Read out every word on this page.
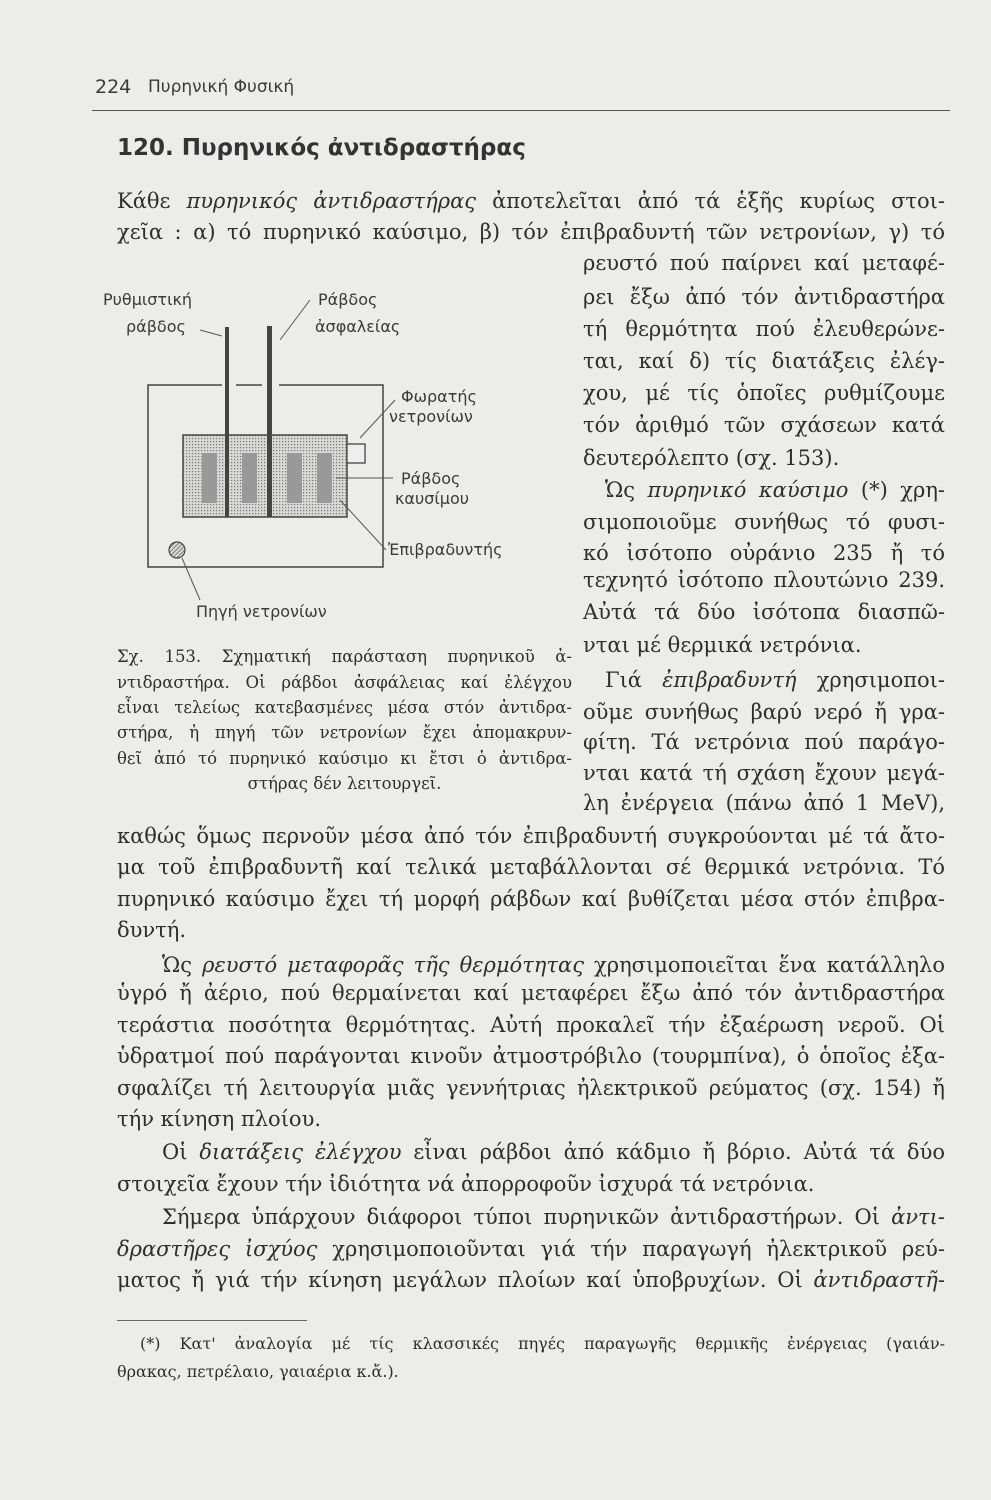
224 Πυρηνική Φυσική
120. Πυρηνικός ἀντιδραστήρας
Ρυθμιστική
ράβδος
Ράβδος
ἀσφαλείας
Φωρατής
νετρονίων
Ράβδος
καυσίμου
Ἐπιβραδυντής
Πηγή νετρονίων
Κάθε πυρηνικός ἀντιδραστήρας ἀποτελεῖται ἀπό τά ἑξῆς κυρίως στοι-
χεῖα : α) τό πυρηνικό καύσιμο, β) τόν ἐπιβραδυντή τῶν νετρονίων, γ) τό
ρευστό πού παίρνει καί μεταφέ-
ρει ἔξω ἀπό τόν ἀντιδραστήρα
τή θερμότητα πού ἐλευθερώνε-
ται, καί δ) τίς διατάξεις ἐλέγ-
χου, μέ τίς ὁποῖες ρυθμίζουμε
τόν ἀριθμό τῶν σχάσεων κατά
δευτερόλεπτο (σχ. 153).
Ὡς πυρηνικό καύσιμο (*) χρη-
σιμοποιοῦμε συνήθως τό φυσι-
κό ἰσότοπο οὐράνιο 235 ἤ τό
τεχνητό ἰσότοπο πλουτώνιο 239.
Αὐτά τά δύο ἰσότοπα διασπῶ-
νται μέ θερμικά νετρόνια.
Γιά ἐπιβραδυντή χρησιμοποι-
οῦμε συνήθως βαρύ νερό ἤ γρα-
φίτη. Τά νετρόνια πού παράγο-
νται κατά τή σχάση ἔχουν μεγά-
λη ἐνέργεια (πάνω ἀπό 1 MeV),
καθώς ὅμως περνοῦν μέσα ἀπό τόν ἐπιβραδυντή συγκρούονται μέ τά ἄτο-
μα τοῦ ἐπιβραδυντῆ καί τελικά μεταβάλλονται σέ θερμικά νετρόνια. Τό
πυρηνικό καύσιμο ἔχει τή μορφή ράβδων καί βυθίζεται μέσα στόν ἐπιβρα-
δυντή.
Ὡς ρευστό μεταφορᾶς τῆς θερμότητας χρησιμοποιεῖται ἕνα κατάλληλο
ὑγρό ἤ ἀέριο, πού θερμαίνεται καί μεταφέρει ἔξω ἀπό τόν ἀντιδραστήρα
τεράστια ποσότητα θερμότητας. Αὐτή προκαλεῖ τήν ἐξαέρωση νεροῦ. Οἱ
ὑδρατμοί πού παράγονται κινοῦν ἀτμοστρόβιλο (τουρμπίνα), ὁ ὁποῖος ἐξα-
σφαλίζει τή λειτουργία μιᾶς γεννήτριας ἠλεκτρικοῦ ρεύματος (σχ. 154) ἤ
τήν κίνηση πλοίου.
Οἱ διατάξεις ἐλέγχου εἶναι ράβδοι ἀπό κάδμιο ἤ βόριο. Αὐτά τά δύο
στοιχεῖα ἔχουν τήν ἰδιότητα νά ἀπορροφοῦν ἰσχυρά τά νετρόνια.
Σήμερα ὑπάρχουν διάφοροι τύποι πυρηνικῶν ἀντιδραστήρων. Οἱ ἀντι-
δραστῆρες ἰσχύος χρησιμοποιοῦνται γιά τήν παραγωγή ἠλεκτρικοῦ ρεύ-
ματος ἤ γιά τήν κίνηση μεγάλων πλοίων καί ὑποβρυχίων. Οἱ ἀντιδραστῆ-
Σχ. 153. Σχηματική παράσταση πυρηνικοῦ ἀ-
ντιδραστήρα. Οἱ ράβδοι ἀσφάλειας καί ἐλέγχου
εἶναι τελείως κατεβασμένες μέσα στόν ἀντιδρα-
στήρα, ἡ πηγή τῶν νετρονίων ἔχει ἀπομακρυν-
θεῖ ἀπό τό πυρηνικό καύσιμο κι ἔτσι ὁ ἀντιδρα-
στήρας δέν λειτουργεῖ.
(*) Κατ' ἀναλογία μέ τίς κλασσικές πηγές παραγωγῆς θερμικῆς ἐνέργειας (γαιάν-
θρακας, πετρέλαιο, γαιαέρια κ.ἄ.).
